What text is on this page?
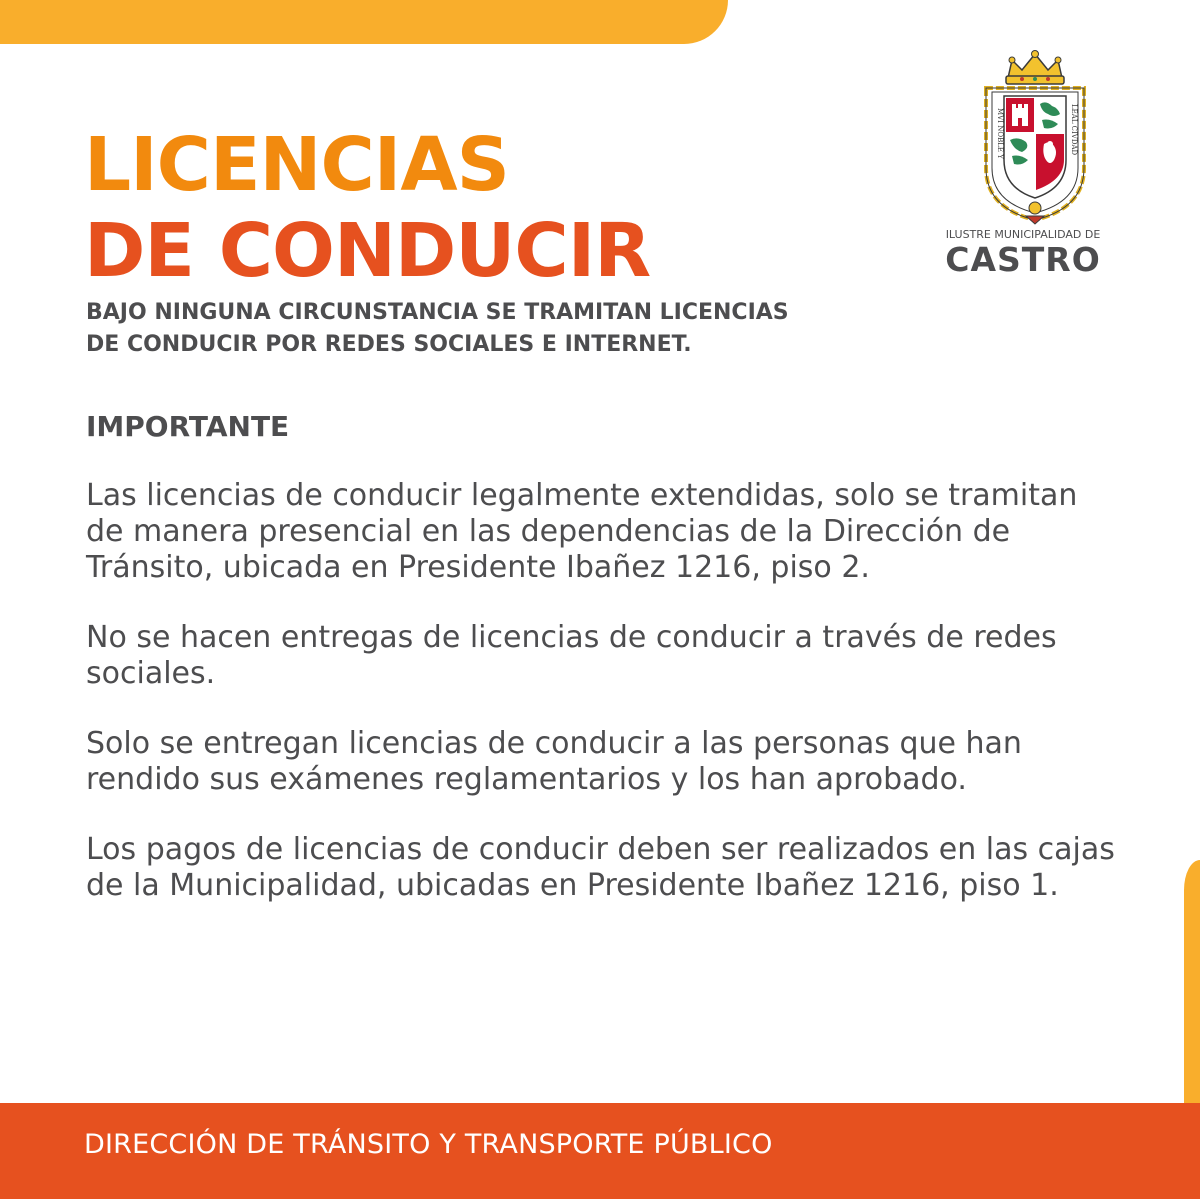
LICENCIAS
DE CONDUCIR

BAJO NINGUNA CIRCUNSTANCIA SE TRAMITAN LICENCIAS
DE CONDUCIR POR REDES SOCIALES E INTERNET.

MVI NOBLE Y	LEAL CIVDAD
ILUSTRE MUNICIPALIDAD DE
CASTRO
IMPORTANTE

Las licencias de conducir legalmente extendidas, solo se tramitan de manera presencial en las dependencias de la Dirección de Tránsito, ubicada en Presidente Ibañez 1216, piso 2.

No se hacen entregas de licencias de conducir a través de redes sociales.

Solo se entregan licencias de conducir a las personas que han rendido sus exámenes reglamentarios y los han aprobado.

Los pagos de licencias de conducir deben ser realizados en las cajas de la Municipalidad, ubicadas en Presidente Ibañez 1216, piso 1.

DIRECCIÓN DE TRÁNSITO Y TRANSPORTE PÚBLICO
